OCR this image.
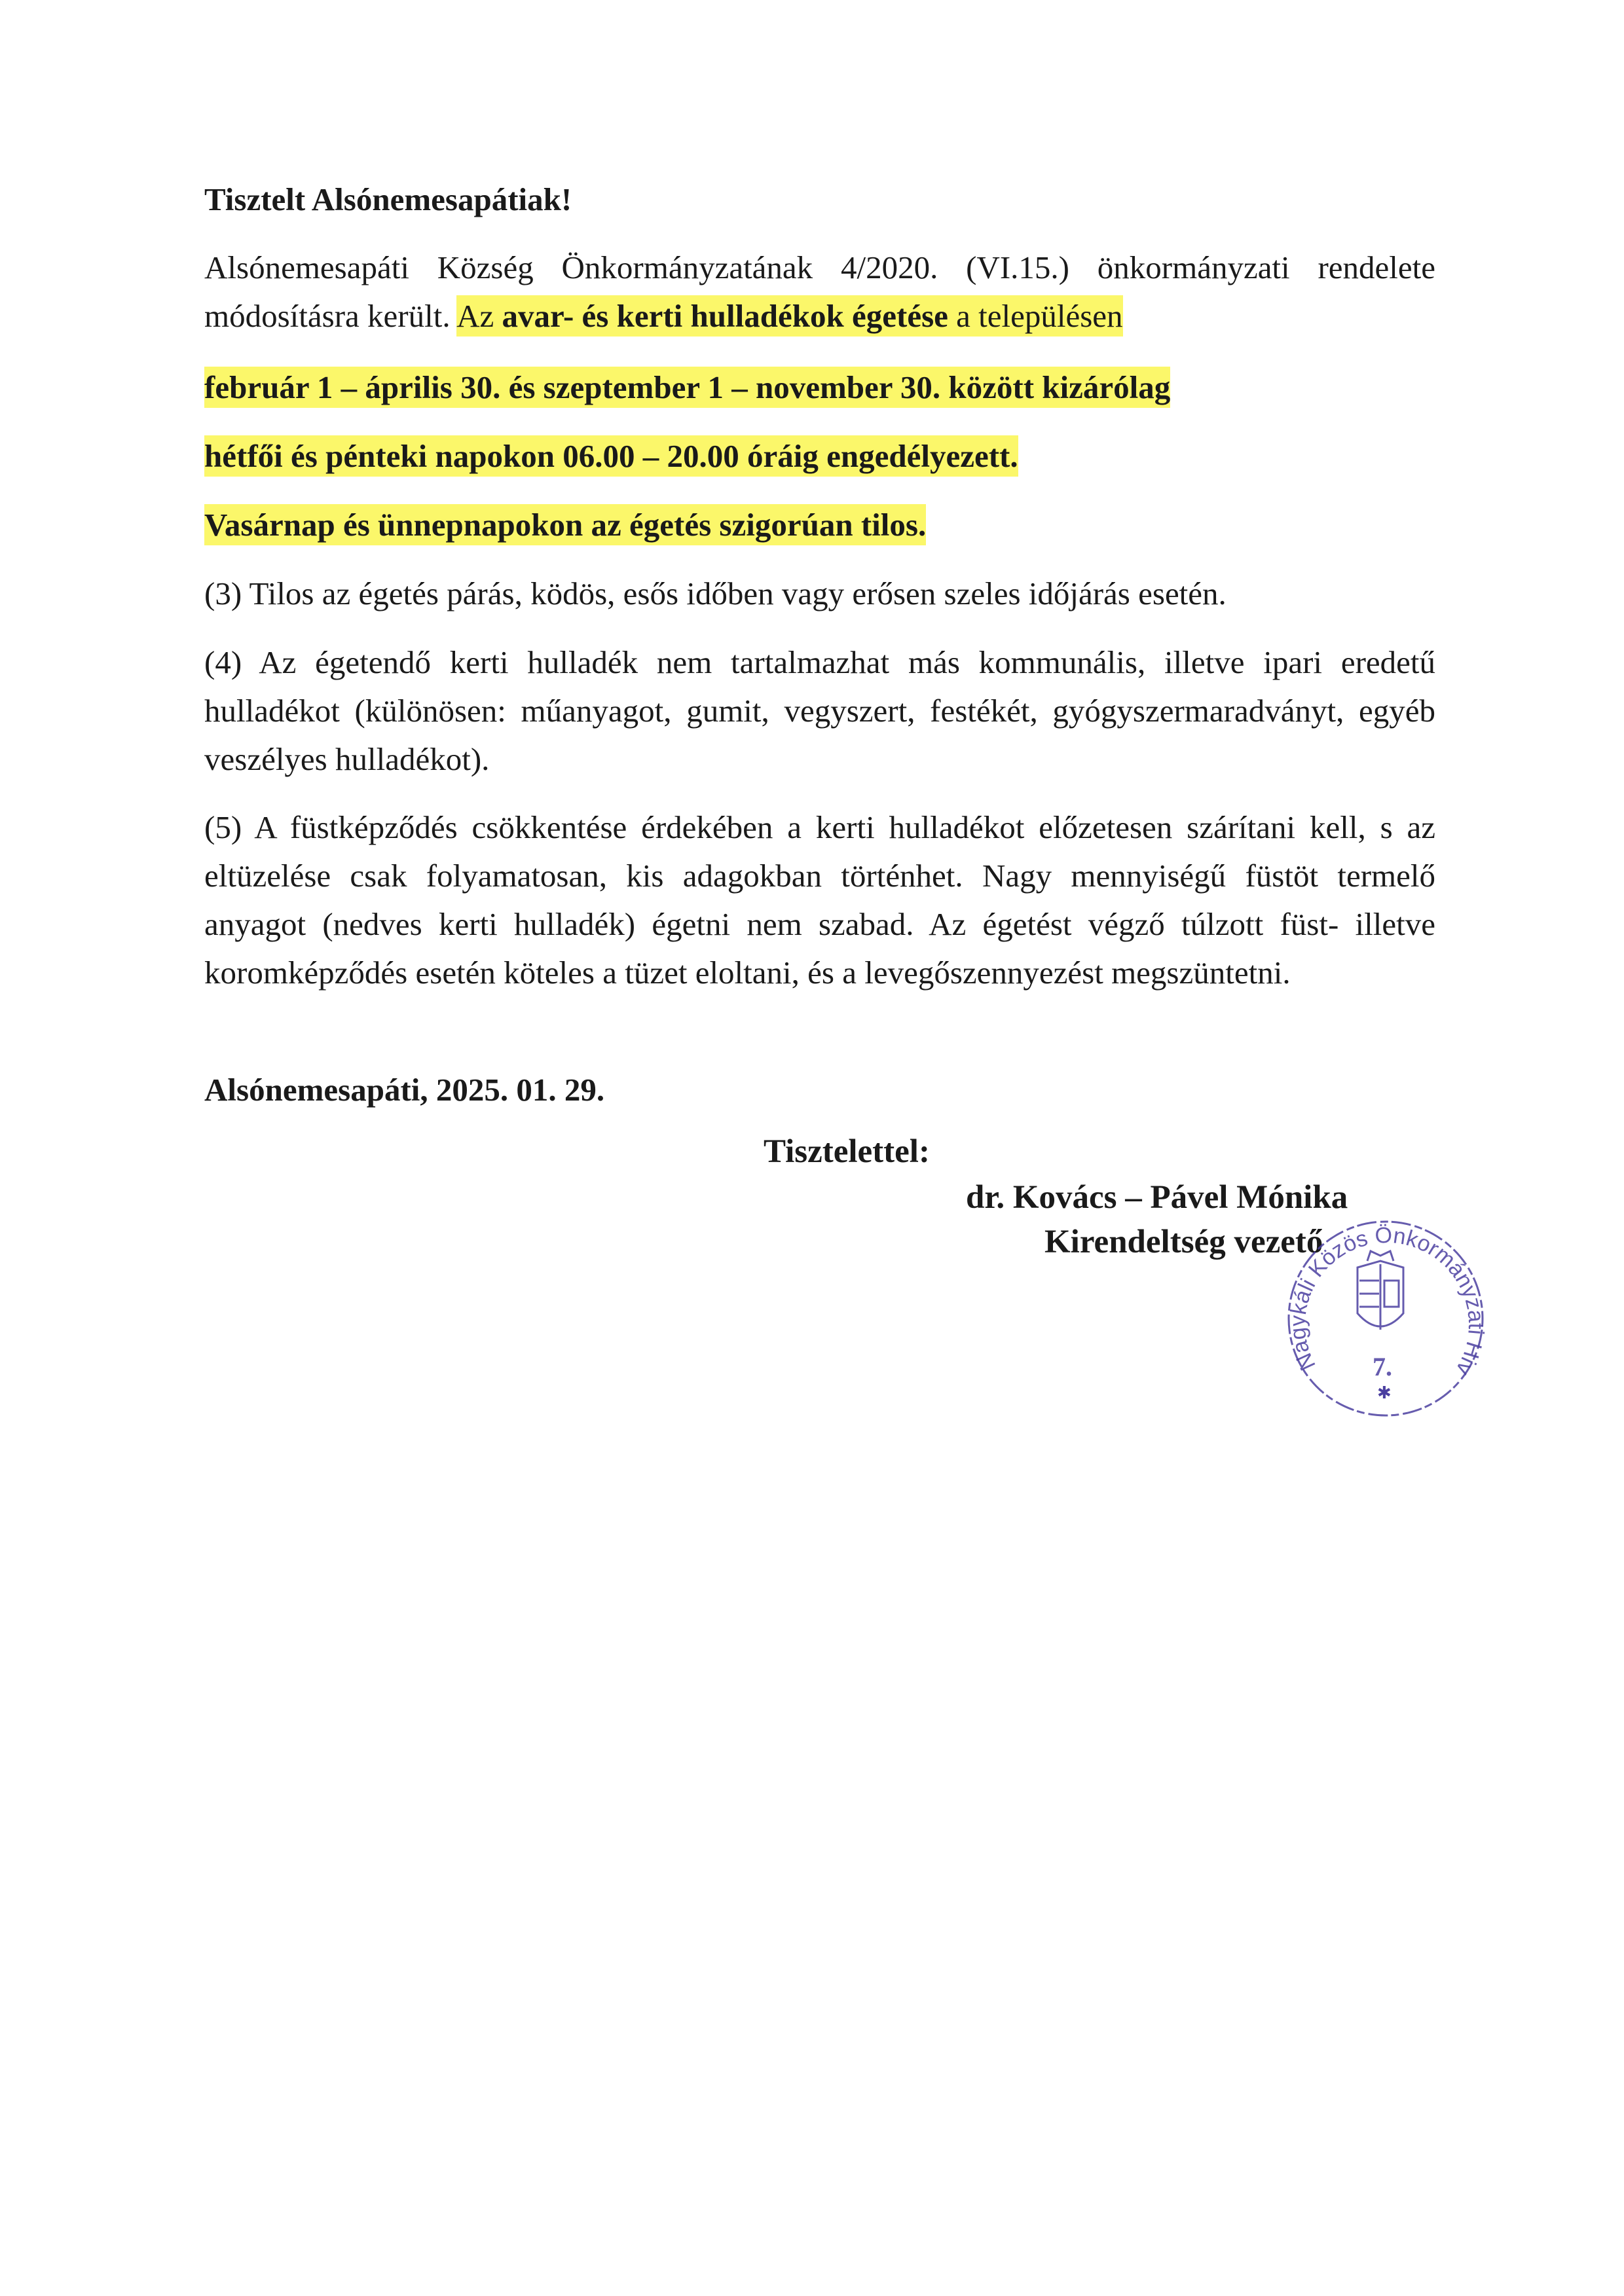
Tisztelt Alsónemesapátiak!

Alsónemesapáti Község Önkormányzatának 4/2020. (VI.15.) önkormányzati rendelete módosításra került. Az avar- és kerti hulladékok égetése a településen

február 1 – április 30. és szeptember 1 – november 30. között kizárólag

hétfői és pénteki napokon 06.00 – 20.00 óráig engedélyezett.

Vasárnap és ünnepnapokon az égetés szigorúan tilos.

(3) Tilos az égetés párás, ködös, esős időben vagy erősen szeles időjárás esetén.

(4) Az égetendő kerti hulladék nem tartalmazhat más kommunális, illetve ipari eredetű hulladékot (különösen: műanyagot, gumit, vegyszert, festékét, gyógyszermaradványt, egyéb veszélyes hulladékot).

(5) A füstképződés csökkentése érdekében a kerti hulladékot előzetesen szárítani kell, s az eltüzelése csak folyamatosan, kis adagokban történhet. Nagy mennyiségű füstöt termelő anyagot (nedves kerti hulladék) égetni nem szabad. Az égetést végző túlzott füst- illetve koromképződés esetén köteles a tüzet eloltani, és a levegőszennyezést megszüntetni.

Alsónemesapáti, 2025. 01. 29.

Tisztelettel:
dr. Kovács – Pável Mónika
Kirendeltség vezető
Nagykáli Közös Önkormányzati Hiv
7.
✱
